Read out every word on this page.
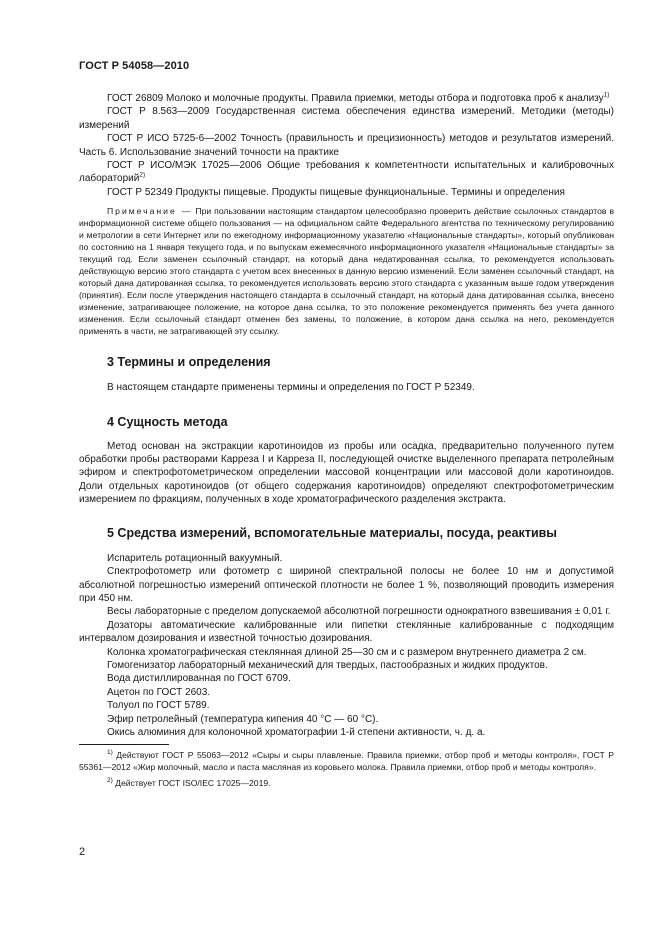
ГОСТ Р 54058—2010

ГОСТ 26809 Молоко и молочные продукты. Правила приемки, методы отбора и подготовка проб к анализу$^{1)}$

ГОСТ Р 8.563—2009 Государственная система обеспечения единства измерений. Методики (методы) измерений

ГОСТ Р ИСО 5725-6—2002 Точность (правильность и прецизионность) методов и результатов измерений. Часть 6. Использование значений точности на практике

ГОСТ Р ИСО/МЭК 17025—2006 Общие требования к компетентности испытательных и калибровочных лабораторий$^{2)}$

ГОСТ Р 52349 Продукты пищевые. Продукты пищевые функциональные. Термины и определения

Примечание — При пользовании настоящим стандартом целесообразно проверить действие ссылочных стандартов в информационной системе общего пользования — на официальном сайте Федерального агентства по техническому регулированию и метрологии в сети Интернет или по ежегодному информационному указателю «Национальные стандарты», который опубликован по состоянию на 1 января текущего года, и по выпускам ежемесячного информационного указателя «Национальные стандарты» за текущий год. Если заменен ссылочный стандарт, на который дана недатированная ссылка, то рекомендуется использовать действующую версию этого стандарта с учетом всех внесенных в данную версию изменений. Если заменен ссылочный стандарт, на который дана датированная ссылка, то рекомендуется использовать версию этого стандарта с указанным выше годом утверждения (принятия). Если после утверждения настоящего стандарта в ссылочный стандарт, на который дана датированная ссылка, внесено изменение, затрагивающее положение, на которое дана ссылка, то это положение рекомендуется применять без учета данного изменения. Если ссылочный стандарт отменен без замены, то положение, в котором дана ссылка на него, рекомендуется применять в части, не затрагивающей эту ссылку.

3 Термины и определения

В настоящем стандарте применены термины и определения по ГОСТ Р 52349.

4 Сущность метода

Метод основан на экстракции каротиноидов из пробы или осадка, предварительно полученного путем обработки пробы растворами Карреза I и Карреза II, последующей очистке выделенного препарата петролейным эфиром и спектрофотометрическом определении массовой концентрации или массовой доли каротиноидов. Доли отдельных каротиноидов (от общего содержания каротиноидов) определяют спектрофотометрическим измерением по фракциям, полученных в ходе хроматографического разделения экстракта.

5 Средства измерений, вспомогательные материалы, посуда, реактивы

Испаритель ротационный вакуумный.

Спектрофотометр или фотометр с шириной спектральной полосы не более 10 нм и допустимой абсолютной погрешностью измерений оптической плотности не более 1 %, позволяющий проводить измерения при 450 нм.

Весы лабораторные с пределом допускаемой абсолютной погрешности однократного взвешивания ± 0,01 г.

Дозаторы автоматические калиброванные или пипетки стеклянные калиброванные с подходящим интервалом дозирования и известной точностью дозирования.

Колонка хроматографическая стеклянная длиной 25—30 см и с размером внутреннего диаметра 2 см.

Гомогенизатор лабораторный механический для твердых, пастообразных и жидких продуктов.

Вода дистиллированная по ГОСТ 6709.

Ацетон по ГОСТ 2603.

Толуол по ГОСТ 5789.

Эфир петролейный (температура кипения 40 °С — 60 °С).

Окись алюминия для колоночной хроматографии 1-й степени активности, ч. д. а.

$^{1)}$ Действуют ГОСТ Р 55063—2012 «Сыры и сыры плавленые. Правила приемки, отбор проб и методы контроля», ГОСТ Р 55361—2012 «Жир молочный, масло и паста масляная из коровьего молока. Правила приемки, отбор проб и методы контроля».

$^{2)}$ Действует ГОСТ ISO/IEC 17025—2019.

2
